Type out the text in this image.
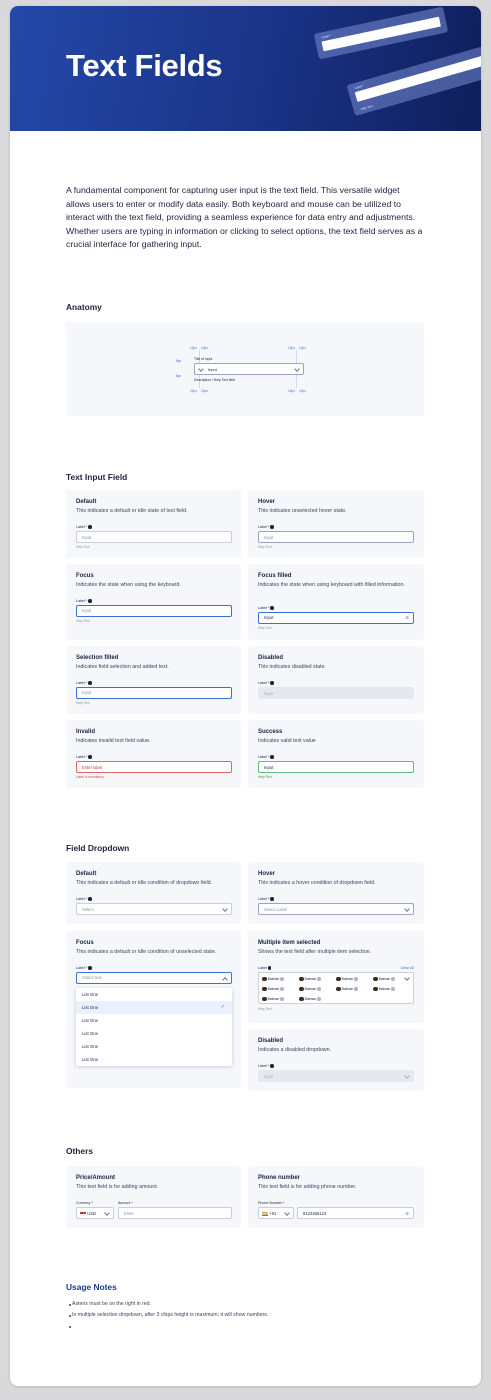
Text Fields
Label *
Label *
Help Text

A fundamental component for capturing user input is the text field. This versatile widget allows users to enter or modify data easily. Both keyboard and mouse can be utilized to interact with the text field, providing a seamless experience for data entry and adjustments. Whether users are typing in information or clicking to select options, the text field serves as a crucial interface for gathering input.

Anatomy
12px 12px	12px 12px
8px
8px
10px 10px	10px 10px
Title of input
Input
Description / Help Text field
Text Input Field
Default
This indicates a default or idle state of text field.
Label *
Input
Help Text
Hover
This indicates unselected hover state.
Label *
Input
Help Text
Focus
Indicates the state when using the keyboard.
Label *
Input
Help Text
Focus filled
Indicates the state when using keyboard with filled information.
Label *
Input	⊗
Help Text
Selection filled
Indicates field selection and added text.
Label *
Input
Help Text
Disabled
This indicates disabled state.
Label *
Input
Invalid
Indicates invalid text field value.
Label *
Enter label
Label is mandatory
Success
Indicates valid text value
Label *
Input
Help Text
Field Dropdown
Default
This indicates a default or idle condition of dropdown field.
Label *
Select
Hover
This indicates a hover condition of dropdown field.
Label *
Select Label
Focus
This indicates a default or idle condition of unselected state.
Label *
Select text
List One
List One	✓
List One
List One
List One
List One
Multiple item selected
Shows the text field after multiple item selection.
Label	Clear All
Batman	Batman	Batman	Batman
Batman	Batman	Batman	Batman
Batman	Batman
Help Text
Disabled
Indicates a disabled dropdown.
Label *
Input
Others
Price/Amount
This text field is for adding amount.
Currency *	Amount *
USD	Enter
Phone number
This text field is for adding phone number.
Phone Number *
+91	8123456123	⊗
Usage Notes
Asterix must be on the right in red.
In multiple selection dropdown, after 3 chips height is maximum; it will show numbers.
